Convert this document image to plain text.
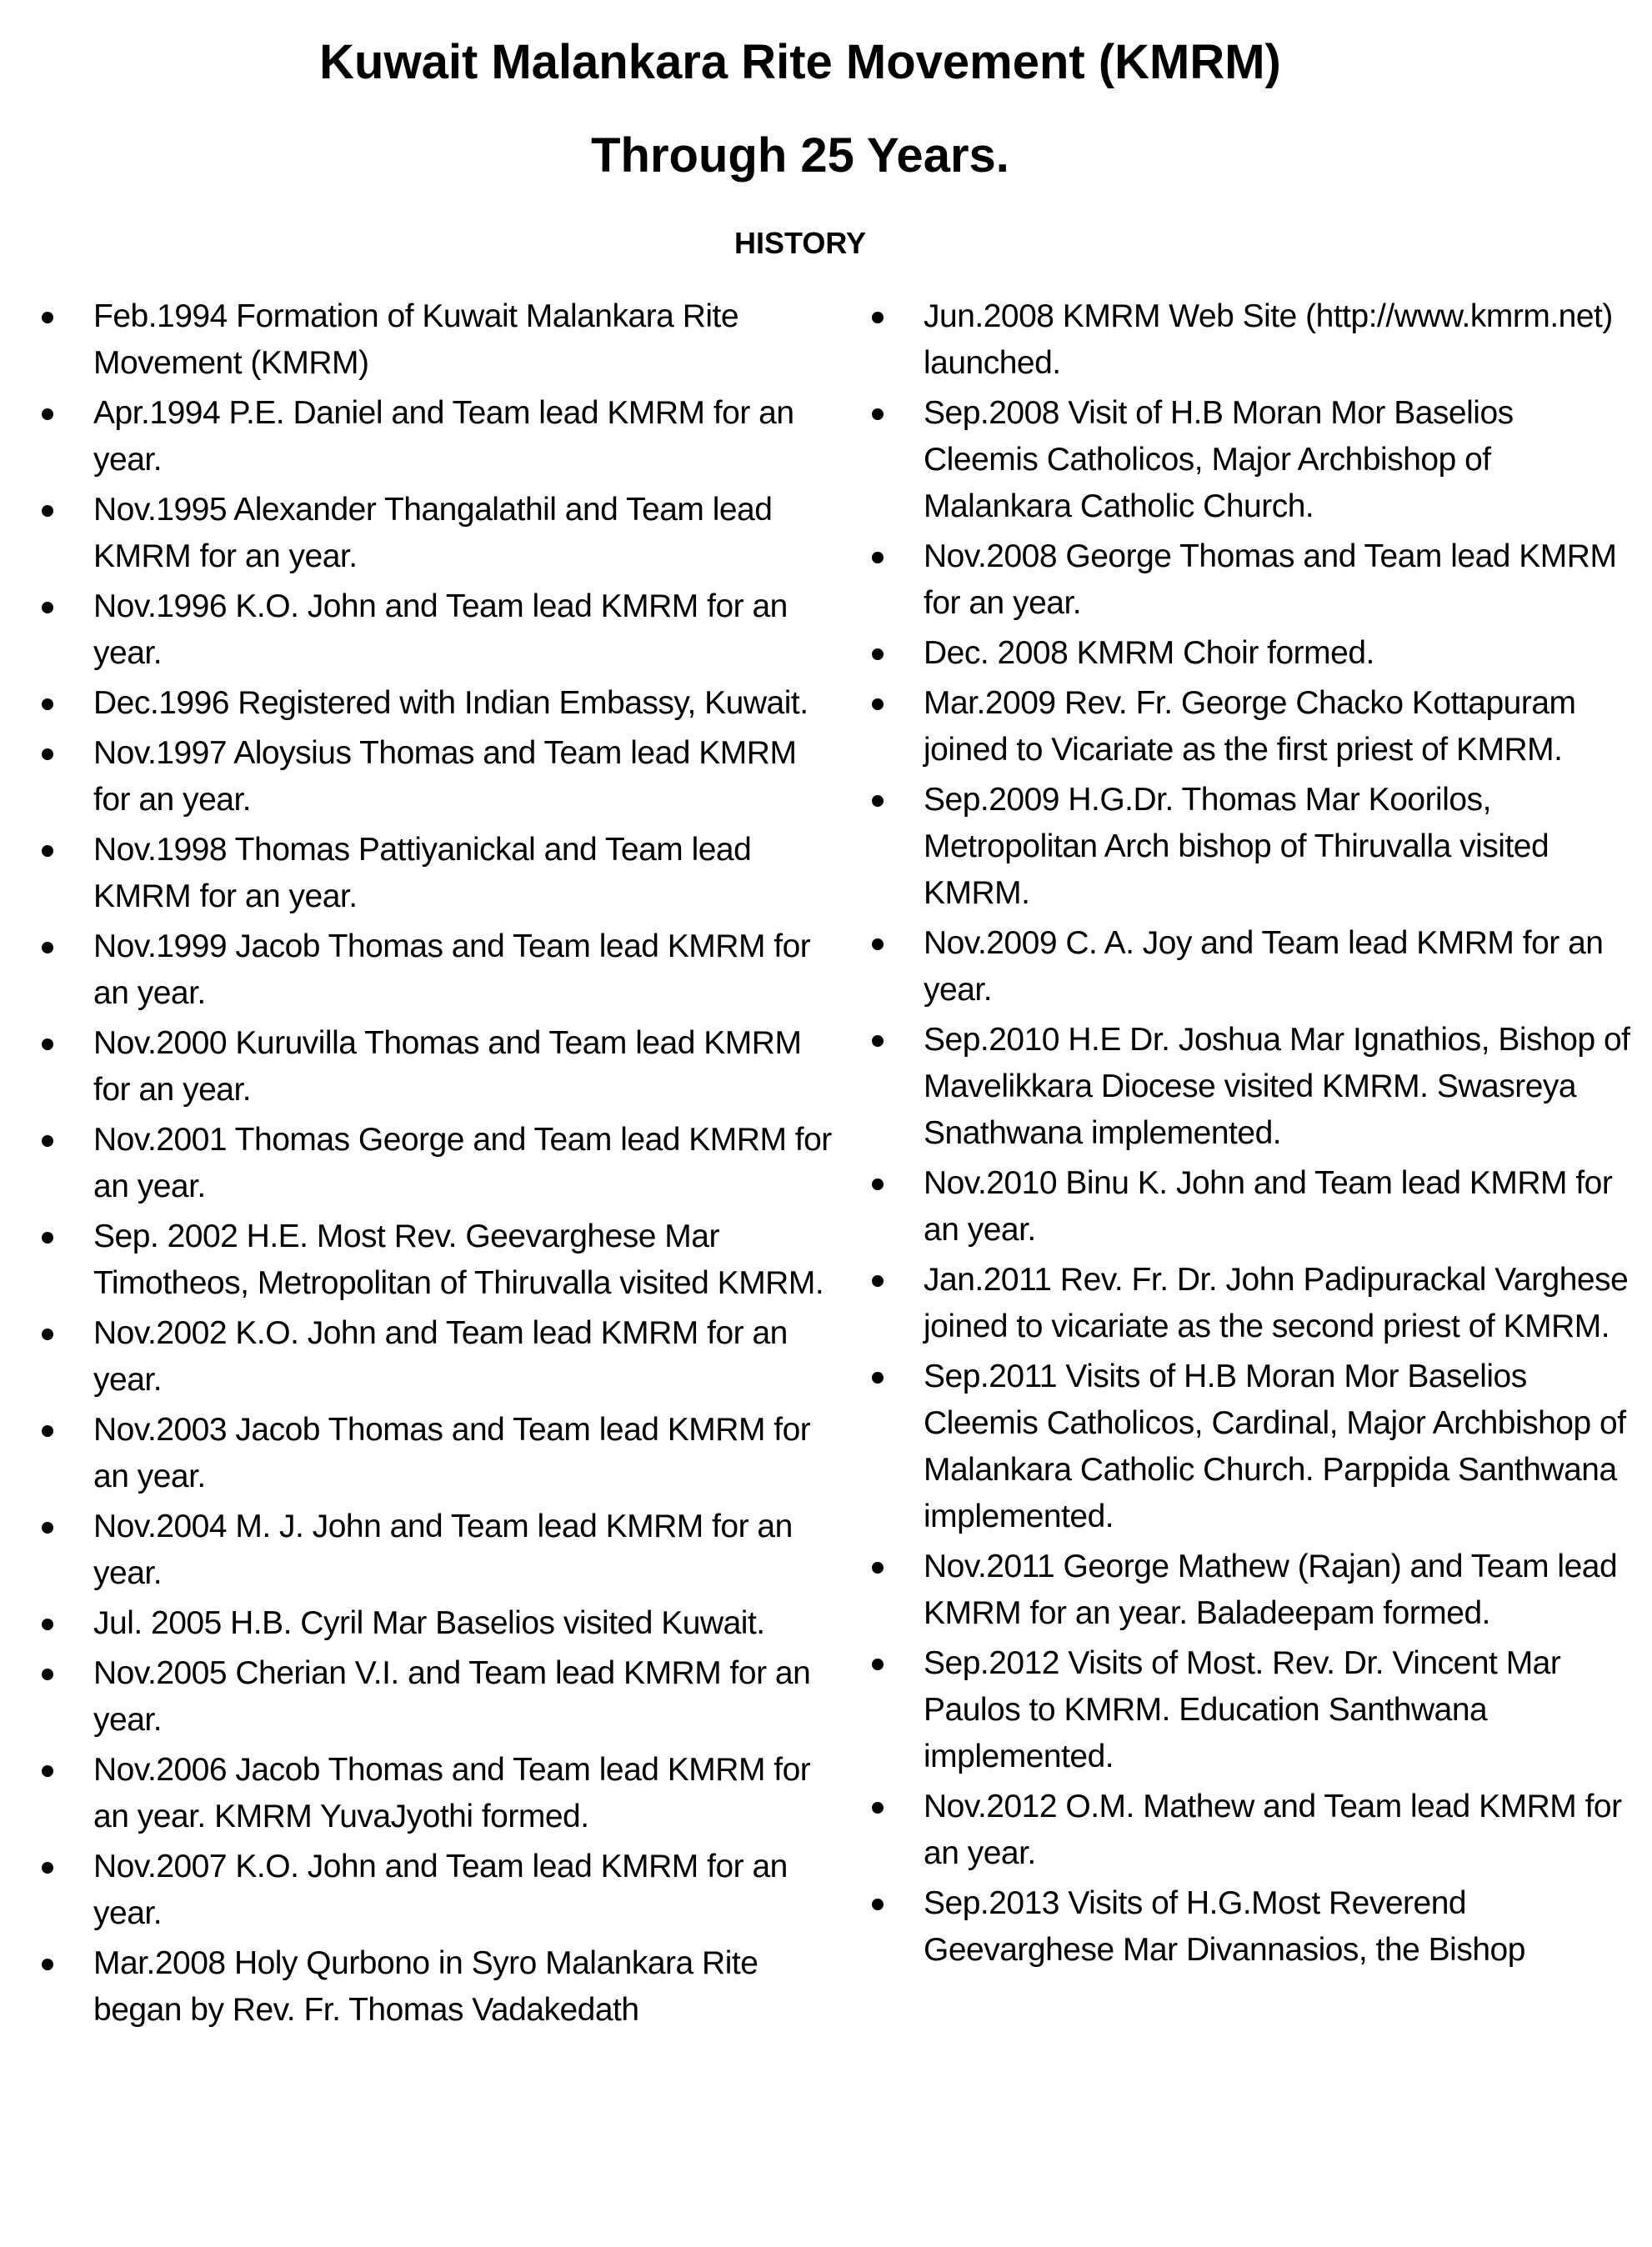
Kuwait Malankara Rite Movement (KMRM)
Through 25 Years.
HISTORY
Feb.1994 Formation of Kuwait Malankara Rite Movement (KMRM)
Apr.1994 P.E. Daniel and Team lead KMRM for an year.
Nov.1995 Alexander Thangalathil and Team lead KMRM for an year.
Nov.1996 K.O. John and Team lead KMRM for an year.
Dec.1996 Registered with Indian Embassy, Kuwait.
Nov.1997 Aloysius Thomas and Team lead KMRM for an year.
Nov.1998 Thomas Pattiyanickal and Team lead KMRM for an year.
Nov.1999 Jacob Thomas and Team lead KMRM for an year.
Nov.2000 Kuruvilla Thomas and Team lead KMRM for an year.
Nov.2001 Thomas George and Team lead KMRM for an year.
Sep. 2002 H.E. Most Rev. Geevarghese Mar Timotheos, Metropolitan of Thiruvalla visited KMRM.
Nov.2002 K.O. John and Team lead KMRM for an year.
Nov.2003 Jacob Thomas and Team lead KMRM for an year.
Nov.2004 M. J. John and Team lead KMRM for an year.
Jul. 2005 H.B. Cyril Mar Baselios visited Kuwait.
Nov.2005 Cherian V.I. and Team lead KMRM for an year.
Nov.2006 Jacob Thomas and Team lead KMRM for an year. KMRM YuvaJyothi formed.
Nov.2007 K.O. John and Team lead KMRM for an year.
Mar.2008 Holy Qurbono in Syro Malankara Rite began by Rev. Fr. Thomas Vadakedath
Jun.2008 KMRM Web Site (http://www.kmrm.net) launched.
Sep.2008 Visit of H.B Moran Mor Baselios Cleemis Catholicos, Major Archbishop of Malankara Catholic Church.
Nov.2008 George Thomas and Team lead KMRM for an year.
Dec. 2008 KMRM Choir formed.
Mar.2009 Rev. Fr. George Chacko Kottapuram joined to Vicariate as the first priest of KMRM.
Sep.2009 H.G.Dr. Thomas Mar Koorilos, Metropolitan Arch bishop of Thiruvalla visited KMRM.
Nov.2009 C. A. Joy and Team lead KMRM for an year.
Sep.2010 H.E Dr. Joshua Mar Ignathios, Bishop of Mavelikkara Diocese visited KMRM. Swasreya Snathwana implemented.
Nov.2010 Binu K. John and Team lead KMRM for an year.
Jan.2011 Rev. Fr. Dr. John Padipurackal Varghese joined to vicariate as the second priest of KMRM.
Sep.2011 Visits of H.B Moran Mor Baselios Cleemis Catholicos, Cardinal, Major Archbishop of Malankara Catholic Church. Parppida Santhwana implemented.
Nov.2011 George Mathew (Rajan) and Team lead KMRM for an year. Baladeepam formed.
Sep.2012 Visits of Most. Rev. Dr. Vincent Mar Paulos to KMRM. Education Santhwana implemented.
Nov.2012 O.M. Mathew and Team lead KMRM for an year.
Sep.2013 Visits of H.G.Most Reverend Geevarghese Mar Divannasios, the Bishop
